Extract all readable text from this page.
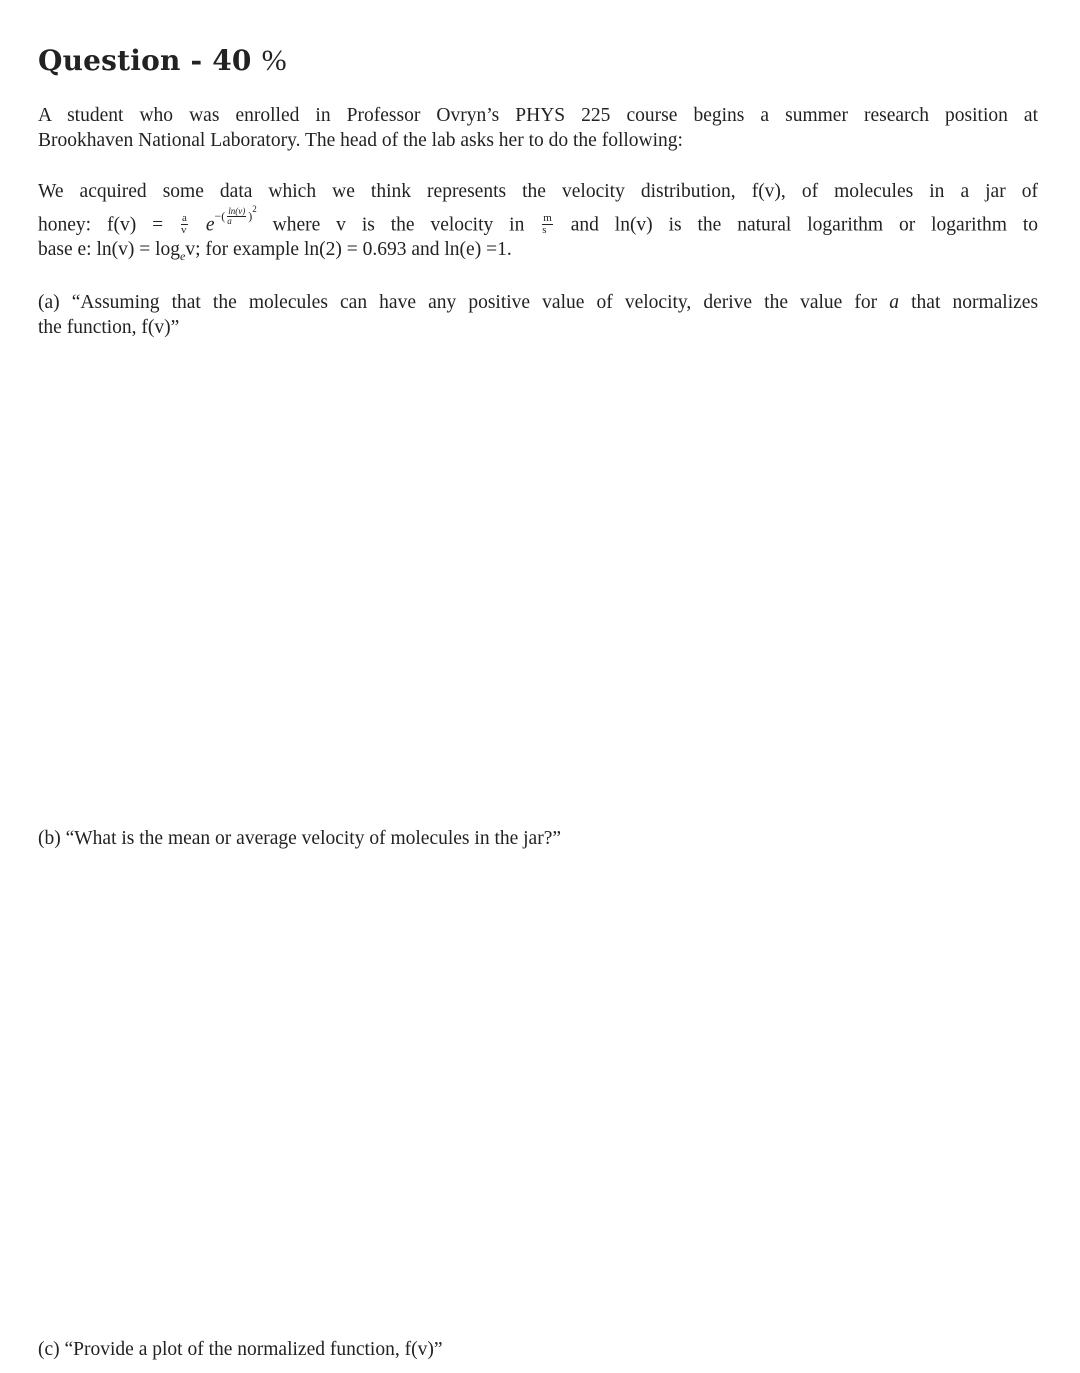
Question - 40 %
A student who was enrolled in Professor Ovryn’s PHYS 225 course begins a summer research position at
Brookhaven National Laboratory. The head of the lab asks her to do the following:
We acquired some data which we think represents the velocity distribution, f(v), of molecules in a jar of
honey: $f(v) = \frac{a}{v} e^{-( \frac{\ln(v)}{a} )^2}$ where v is the velocity in $\frac{m}{s}$ and ln(v) is the natural logarithm or logarithm to
base e: $\ln(v) = \log_ev$; for example ln(2) = 0.693 and ln(e) =1.
(a) “Assuming that the molecules can have any positive value of velocity, derive the value for a that normalizes
the function, f(v)”
(b) “What is the mean or average velocity of molecules in the jar?”
(c) “Provide a plot of the normalized function, f(v)”
